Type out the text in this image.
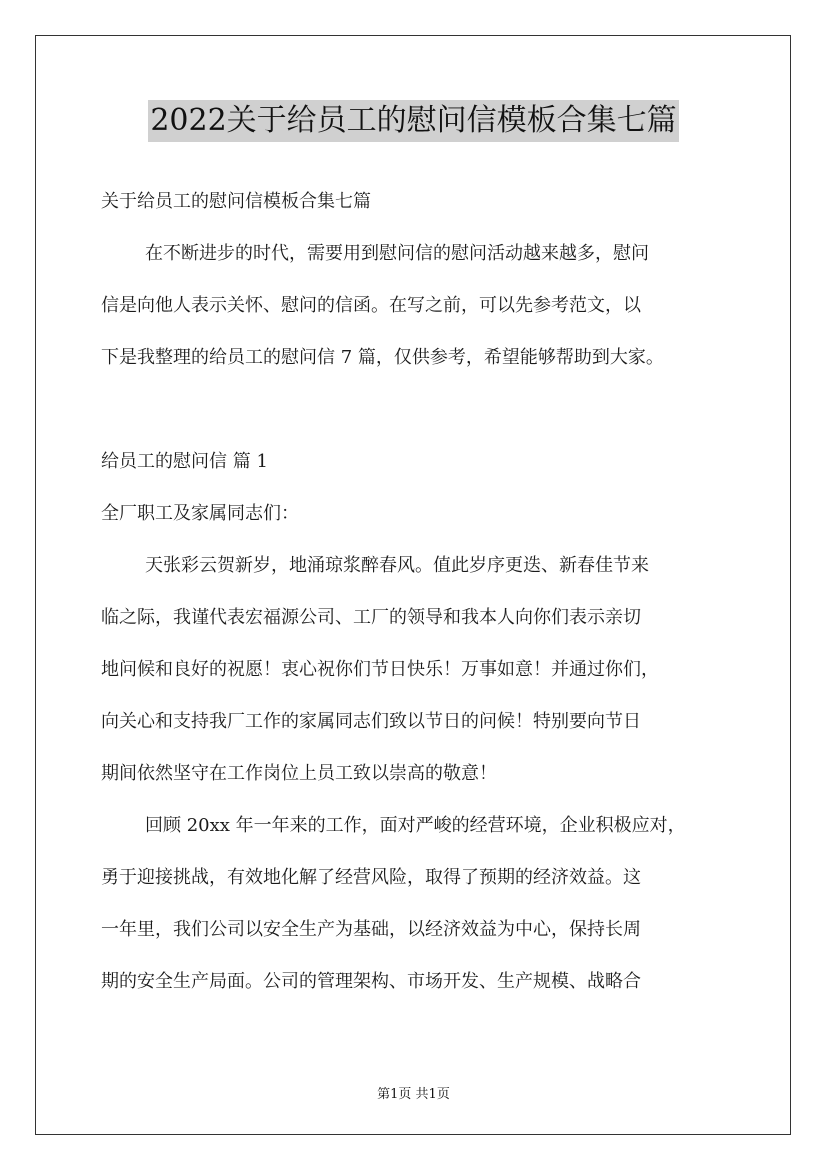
2022关于给员工的慰问信模板合集七篇
关于给员工的慰问信模板合集七篇
在不断进步的时代，需要用到慰问信的慰问活动越来越多，慰问
信是向他人表示关怀、慰问的信函。在写之前，可以先参考范文，以
下是我整理的给员工的慰问信 7 篇，仅供参考，希望能够帮助到大家。
给员工的慰问信 篇 1
全厂职工及家属同志们：
天张彩云贺新岁，地涌琼浆醉春风。值此岁序更迭、新春佳节来
临之际，我谨代表宏福源公司、工厂的领导和我本人向你们表示亲切
地问候和良好的祝愿！衷心祝你们节日快乐！万事如意！并通过你们，
向关心和支持我厂工作的家属同志们致以节日的问候！特别要向节日
期间依然坚守在工作岗位上员工致以崇高的敬意！
回顾 20xx 年一年来的工作，面对严峻的经营环境，企业积极应对，
勇于迎接挑战，有效地化解了经营风险，取得了预期的经济效益。这
一年里，我们公司以安全生产为基础，以经济效益为中心，保持长周
期的安全生产局面。公司的管理架构、市场开发、生产规模、战略合
第1页 共1页
